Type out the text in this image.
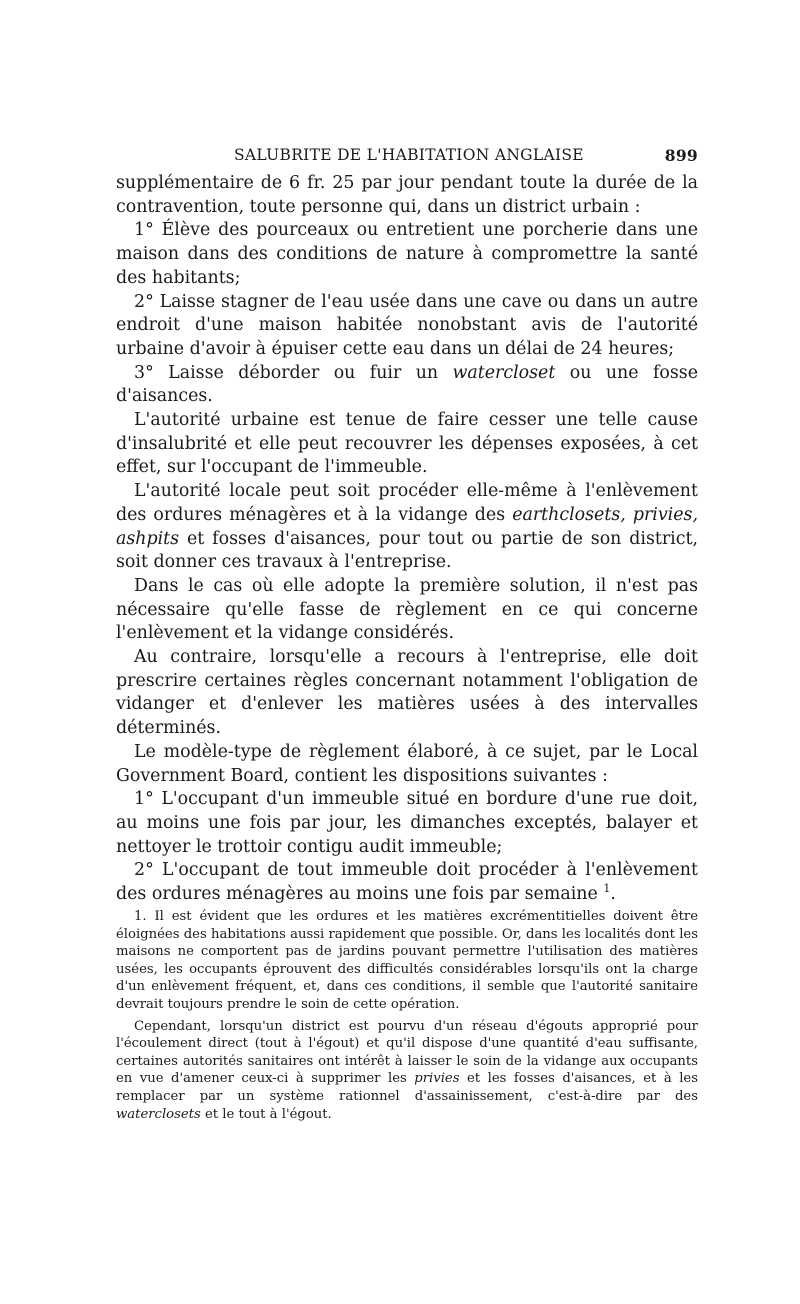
SALUBRITE DE L'HABITATION ANGLAISE	899

supplémentaire de 6 fr. 25 par jour pendant toute la durée de la contravention, toute personne qui, dans un district urbain :

1° Élève des pourceaux ou entretient une porcherie dans une maison dans des conditions de nature à compromettre la santé des habitants;

2° Laisse stagner de l'eau usée dans une cave ou dans un autre endroit d'une maison habitée nonobstant avis de l'autorité urbaine d'avoir à épuiser cette eau dans un délai de 24 heures;

3° Laisse déborder ou fuir un watercloset ou une fosse d'aisances.

L'autorité urbaine est tenue de faire cesser une telle cause d'insalubrité et elle peut recouvrer les dépenses exposées, à cet effet, sur l'occupant de l'immeuble.

L'autorité locale peut soit procéder elle-même à l'enlèvement des ordures ménagères et à la vidange des earthclosets, privies, ashpits et fosses d'aisances, pour tout ou partie de son district, soit donner ces travaux à l'entreprise.

Dans le cas où elle adopte la première solution, il n'est pas nécessaire qu'elle fasse de règlement en ce qui concerne l'enlèvement et la vidange considérés.

Au contraire, lorsqu'elle a recours à l'entreprise, elle doit prescrire certaines règles concernant notamment l'obligation de vidanger et d'enlever les matières usées à des intervalles déterminés.

Le modèle-type de règlement élaboré, à ce sujet, par le Local Government Board, contient les dispositions suivantes :

1° L'occupant d'un immeuble situé en bordure d'une rue doit, au moins une fois par jour, les dimanches exceptés, balayer et nettoyer le trottoir contigu audit immeuble;

2° L'occupant de tout immeuble doit procéder à l'enlèvement des ordures ménagères au moins une fois par semaine $^1$.

1. Il est évident que les ordures et les matières excrémentitielles doivent être éloignées des habitations aussi rapidement que possible. Or, dans les localités dont les maisons ne comportent pas de jardins pouvant permettre l'utilisation des matières usées, les occupants éprouvent des difficultés considérables lorsqu'ils ont la charge d'un enlèvement fréquent, et, dans ces conditions, il semble que l'autorité sanitaire devrait toujours prendre le soin de cette opération.

Cependant, lorsqu'un district est pourvu d'un réseau d'égouts approprié pour l'écoulement direct (tout à l'égout) et qu'il dispose d'une quantité d'eau suffisante, certaines autorités sanitaires ont intérêt à laisser le soin de la vidange aux occupants en vue d'amener ceux-ci à supprimer les privies et les fosses d'aisances, et à les remplacer par un système rationnel d'assainissement, c'est-à-dire par des waterclosets et le tout à l'égout.
